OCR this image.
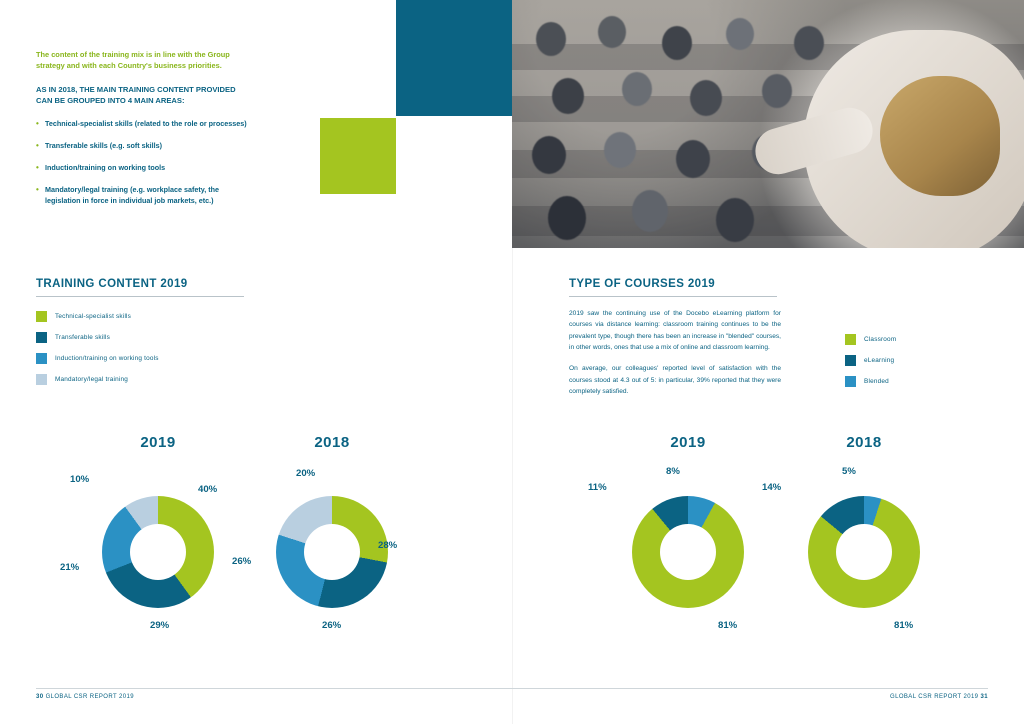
The content of the training mix is in line with the Group strategy and with each Country's business priorities.

AS IN 2018, THE MAIN TRAINING CONTENT PROVIDED CAN BE GROUPED INTO 4 MAIN AREAS:

• Technical-specialist skills (related to the role or processes)
• Transferable skills (e.g. soft skills)
• Induction/training on working tools
• Mandatory/legal training (e.g. workplace safety, the legislation in force in individual job markets, etc.)
TRAINING CONTENT 2019
Technical-specialist skills
Transferable skills
Induction/training on working tools
Mandatory/legal training
2019
40%
29%
21%
10%
2018
28%
26%
26%
20%
TYPE OF COURSES 2019

2019 saw the continuing use of the Docebo eLearning platform for courses via distance learning: classroom training continues to be the prevalent type, though there has been an increase in "blended" courses, in other words, ones that use a mix of online and classroom learning.

On average, our colleagues' reported level of satisfaction with the courses stood at 4.3 out of 5: in particular, 39% reported that they were completely satisfied.

Classroom
eLearning
Blended
2019
81%
11%
8%
2018
81%
14%
5%
30 GLOBAL CSR REPORT 2019	GLOBAL CSR REPORT 2019 31
